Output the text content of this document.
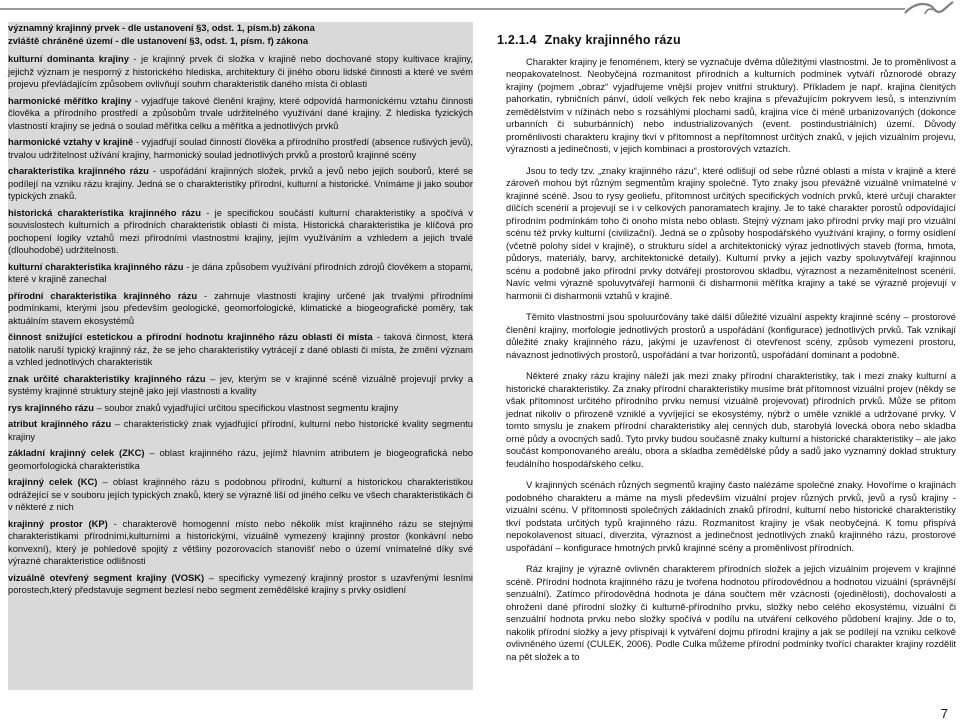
významný krajinný prvek - dle ustanovení §3, odst. 1, písm.b) zákona

zvláště chráněné území - dle ustanovení §3, odst. 1, písm. f) zákona

kulturní dominanta krajiny - je krajinný prvek či složka v krajině nebo dochované stopy kultivace krajiny, jejichž význam je nesporný z historického hlediska, architektury či jiného oboru lidské činnosti a které ve svém projevu převládajícím způsobem ovlivňují souhrn charakteristik daného místa či oblasti

harmonické měřítko krajiny - vyjadřuje takové členění krajiny, které odpovídá harmonickému vztahu činnosti člověka a přírodního prostředí a způsobům trvale udržitelného využívání dané krajiny. Z hlediska fyzických vlastností krajiny se jedná o soulad měřítka celku a měřítka a jednotlivých prvků

harmonické vztahy v krajině - vyjadřují soulad činností člověka a přírodního prostředí (absence rušivých jevů), trvalou udržitelnost užívání krajiny, harmonický soulad jednotlivých prvků a prostorů krajinné scény

charakteristika krajinného rázu - uspořádání krajinných složek, prvků a jevů nebo jejich souborů, které se podílejí na vzniku rázu krajiny. Jedná se o charakteristiky přírodní, kulturní a historické. Vnímáme ji jako soubor typických znaků.

historická charakteristika krajinného rázu - je specifickou součástí kulturní charakteristiky a spočívá v souvislostech kulturních a přírodních charakteristik oblasti či místa. Historická charakteristika je klíčová pro pochopení logiky vztahů mezi přírodními vlastnostmi krajiny, jejím využíváním a vzhledem a jejich trvalé (dlouhodobé) udržitelnosti.

kulturní charakteristika krajinného rázu - je dána způsobem využívání přírodních zdrojů člověkem a stopami, které v krajině zanechal

přírodní charakteristika krajinného rázu - zahrnuje vlastnosti krajiny určené jak trvalými přírodními podmínkami, kterými jsou především geologické, geomorfologické, klimatické a biogeografické poměry, tak aktuálním stavem ekosystémů

činnost snižující estetickou a přírodní hodnotu krajinného rázu oblasti či místa - taková činnost, která natolik naruší typický krajinný ráz, že se jeho charakteristiky vytrácejí z dané oblasti či místa, že změní význam a vzhled jednotlivých charakteristik

znak určité charakteristiky krajinného rázu – jev, kterým se v krajinné scéně vizuálně projevují prvky a systémy krajinné struktury stejně jako její vlastnosti a kvality

rys krajinného rázu – soubor znaků vyjadřující určitou specifickou vlastnost segmentu krajiny

atribut krajinného rázu – charakteristický znak vyjadřující přírodní, kulturní nebo historické kvality segmentu krajiny

základní krajinný celek (ZKC) – oblast krajinného rázu, jejímž hlavním atributem je biogeografická nebo geomorfologická charakteristika

krajinný celek (KC) – oblast krajinného rázu s podobnou přírodní, kulturní a historickou charakteristikou odrážející se v souboru jejích typických znaků, který se výrazně liší od jiného celku ve všech charakteristikách či v některé z nich

krajinný prostor (KP) - charakterově homogenní místo nebo několik míst krajinného rázu se stejnými charakteristikami přírodními,kulturními a historickými, vizuálně vymezený krajinný prostor (konkávní nebo konvexní), který je pohledově spojitý z většiny pozorovacích stanovišť nebo o území vnímatelné díky své výrazné charakteristice odlišnosti

vizuálně otevřený segment krajiny (VOSK) – specificky vymezený krajinný prostor s uzavřenými lesními porostech,který představuje segment bezlesí nebo segment zemědělské krajiny s prvky osídlení

1.2.1.4 Znaky krajinného rázu

Charakter krajiny je fenoménem, který se vyznačuje dvěma důležitými vlastnostmi. Je to proměnlivost a neopakovatelnost. Neobyčejná rozmanitost přírodních a kulturních podmínek vytváří různorodé obrazy krajiny (pojmem „obraz“ vyjadřujeme vnější projev vnitřní struktury). Příkladem je např. krajina členitých pahorkatin, rybničních pánví, údolí velkých řek nebo krajina s převažujícím pokryvem lesů, s intenzivním zemědělstvím v nížinách nebo s rozsáhlými plochami sadů, krajina více či méně urbanizovaných (dokonce urbanních či suburbánních) nebo industrializovaných (event. postindustriálních) území. Důvody proměnlivosti charakteru krajiny tkví v přítomnost a nepřítomnost určitých znaků, v jejich vizuálním projevu, výraznosti a jedinečnosti, v jejich kombinaci a prostorových vztazích.

Jsou to tedy tzv. „znaky krajinného rázu“, které odlišují od sebe různé oblasti a místa v krajině a které zároveň mohou být různým segmentům krajiny společné. Tyto znaky jsou převážně vizuálně vnímatelné v krajinné scéně. Jsou to rysy geoliefu, přítomnost určitých specifických vodních prvků, které určují charakter dílčích scenérií a projevují se i v celkových panoramatech krajiny. Je to také charakter porostů odpovídající přírodním podmínkám toho či onoho místa nebo oblasti. Stejný význam jako přírodní prvky mají pro vizuální scénu též prvky kulturní (civilizační). Jedná se o způsoby hospodářského využívání krajiny, o formy osídlení (včetně polohy sídel v krajině), o strukturu sídel a architektonický výraz jednotlivých staveb (forma, hmota, půdorys, materiály, barvy, architektonické detaily). Kulturní prvky a jejich vazby spoluvytvářejí krajinnou scénu a podobně jako přírodní prvky dotvářejí prostorovou skladbu, výraznost a nezaměnitelnost scenérií. Navíc velmi výrazně spoluvytvářejí harmonii či disharmonii měřítka krajiny a také se výrazně projevují v harmonii či disharmonii vztahů v krajině.

Těmito vlastnostmi jsou spoluurčovány také dálší důležité vizuální aspekty krajinné scény – prostorové členění krajiny, morfologie jednotlivých prostorů a uspořádání (konfigurace) jednotlivých prvků. Tak vznikají důležité znaky krajinného rázu, jakými je uzavřenost či otevřenost scény, způsob vymezení prostoru, návaznost jednotlivých prostorů, uspořádání a tvar horizontů, uspořádání dominant a podobně.

Některé znaky rázu krajiny náleží jak mezi znaky přírodní charakteristiky, tak i mezi znaky kulturní a historické charakteristiky. Za znaky přírodní charakteristiky musíme brát přítomnost vizuální projev (někdy se však přítomnost určitého přírodního prvku nemusí vizuálně projevovat) přírodních prvků. Může se přitom jednat nikoliv o přirozeně vzniklé a vyvíjející se ekosystémy, nýbrž o uměle vzniklé a udržované prvky. V tomto smyslu je znakem přírodní charakteristiky alej cenných dub, starobylá lovecká obora nebo skladba orné půdy a ovocných sadů. Tyto prvky budou současně znaky kulturní a historické charakteristiky – ale jako součást komponovaného areálu, obora a skladba zemědělské půdy a sadů jako vyznamný doklad struktury feudálního hospodářského celku.

V krajinných scénách různých segmentů krajiny často nalézáme společné znaky. Hovoříme o krajinách podobného charakteru a máme na mysli především vizuální projev různých prvků, jevů a rysů krajiny - vizuální scénu. V přítomnosti společných základních znaků přírodní, kulturní nebo historické charakteristiky tkví podstata určitých typů krajinného rázu. Rozmanitost krajiny je však neobyčejná. K tomu přispívá nepokolavenost situací, diverzita, výraznost a jedinečnost jednotlivých znaků krajinného rázu, prostorové uspořádání – konfigurace hmotných prvků krajinné scény a proměnlivost přírodních.

Ráz krajiny je výrazně ovlivněn charakterem přírodních složek a jejich vizuálním projevem v krajinné scéně. Přírodní hodnota krajinného rázu je tvořena hodnotou přírodovědnou a hodnotou vizuální (správnější senzuální). Zatímco přírodovědná hodnota je dána součtem měr vzácnosti (ojedinělosti), dochovalosti a ohrožení dané přírodní složky či kulturně-přírodního prvku, složky nebo celého ekosystému, vizuální či senzuální hodnota prvku nebo složky spočívá v podílu na utváření celkového půdobení krajiny. Jde o to, nakolik přírodní složky a jevy přispívají k vytváření dojmu přírodní krajiny a jak se podílejí na vzniku celkově ovlivněného území (CULEK, 2006). Podle Culka můžeme přírodní podmínky tvořící charakter krajiny rozdělit na pět složek a to

7
